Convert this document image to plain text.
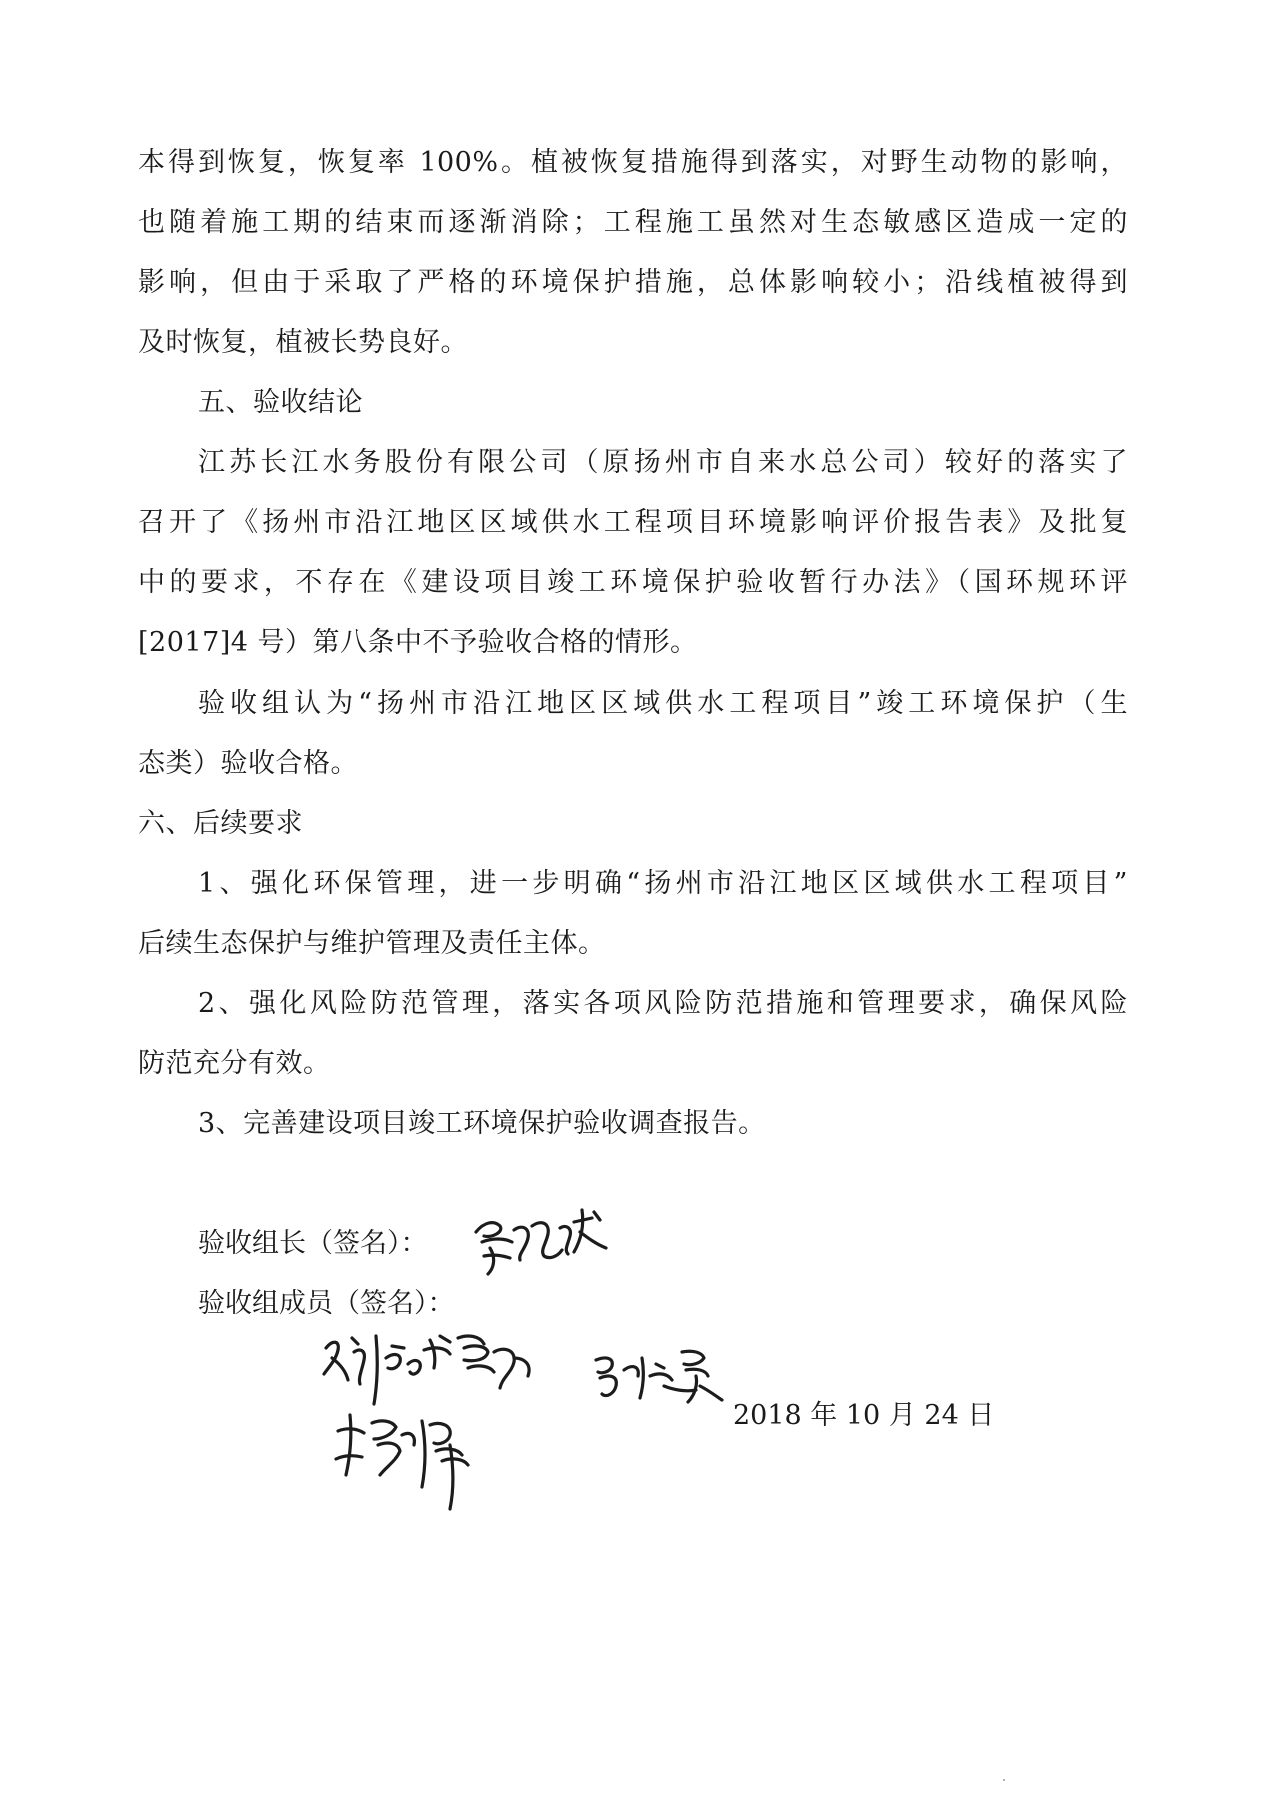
本得到恢复，恢复率 100%。植被恢复措施得到落实，对野生动物的影响，
也随着施工期的结束而逐渐消除；工程施工虽然对生态敏感区造成一定的
影响，但由于采取了严格的环境保护措施，总体影响较小；沿线植被得到
及时恢复，植被长势良好。
五、验收结论
江苏长江水务股份有限公司（原扬州市自来水总公司）较好的落实了
召开了《扬州市沿江地区区域供水工程项目环境影响评价报告表》及批复
中的要求，不存在《建设项目竣工环境保护验收暂行办法》（国环规环评
[2017]4 号）第八条中不予验收合格的情形。
验收组认为“扬州市沿江地区区域供水工程项目”竣工环境保护（生
态类）验收合格。
六、后续要求
1、强化环保管理，进一步明确“扬州市沿江地区区域供水工程项目”
后续生态保护与维护管理及责任主体。
2、强化风险防范管理，落实各项风险防范措施和管理要求，确保风险
防范充分有效。
3、完善建设项目竣工环境保护验收调查报告。
验收组长（签名）：
验收组成员（签名）：
2018 年 10 月 24 日
